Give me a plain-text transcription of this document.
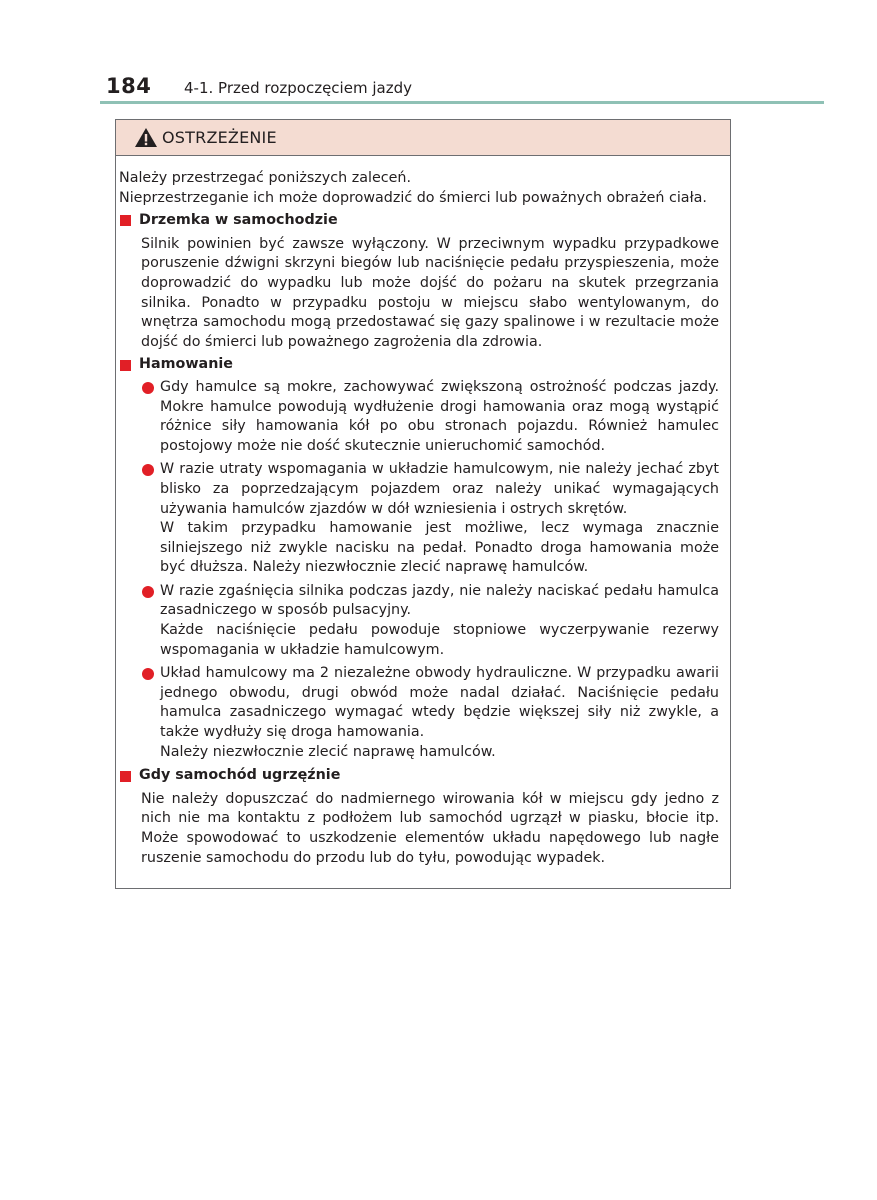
184 4-1. Przed rozpoczęciem jazdy
OSTRZEŻENIE
Należy przestrzegać poniższych zaleceń.
Nieprzestrzeganie ich może doprowadzić do śmierci lub poważnych obrażeń ciała.
Drzemka w samochodzie
Silnik powinien być zawsze wyłączony. W przeciwnym wypadku przypadkowe poruszenie dźwigni skrzyni biegów lub naciśnięcie pedału przyspieszenia, może doprowadzić do wypadku lub może dojść do pożaru na skutek przegrzania silnika. Ponadto w przypadku postoju w miejscu słabo wentylowanym, do wnętrza samochodu mogą przedostawać się gazy spalinowe i w rezultacie może dojść do śmierci lub poważnego zagrożenia dla zdrowia.
Hamowanie
Gdy hamulce są mokre, zachowywać zwiększoną ostrożność podczas jazdy. Mokre hamulce powodują wydłużenie drogi hamowania oraz mogą wystąpić różnice siły hamowania kół po obu stronach pojazdu. Również hamulec postojowy może nie dość skutecznie unieruchomić samochód.
W razie utraty wspomagania w układzie hamulcowym, nie należy jechać zbyt blisko za poprzedzającym pojazdem oraz należy unikać wymagających używania hamulców zjazdów w dół wzniesienia i ostrych skrętów.
W takim przypadku hamowanie jest możliwe, lecz wymaga znacznie silniejszego niż zwykle nacisku na pedał. Ponadto droga hamowania może być dłuższa. Należy niezwłocznie zlecić naprawę hamulców.
W razie zgaśnięcia silnika podczas jazdy, nie należy naciskać pedału hamulca zasadniczego w sposób pulsacyjny.
Każde naciśnięcie pedału powoduje stopniowe wyczerpywanie rezerwy wspomagania w układzie hamulcowym.
Układ hamulcowy ma 2 niezależne obwody hydrauliczne. W przypadku awarii jednego obwodu, drugi obwód może nadal działać. Naciśnięcie pedału hamulca zasadniczego wymagać wtedy będzie większej siły niż zwykle, a także wydłuży się droga hamowania.
Należy niezwłocznie zlecić naprawę hamulców.
Gdy samochód ugrzęźnie
Nie należy dopuszczać do nadmiernego wirowania kół w miejscu gdy jedno z nich nie ma kontaktu z podłożem lub samochód ugrzązł w piasku, błocie itp. Może spowodować to uszkodzenie elementów układu napędowego lub nagłe ruszenie samochodu do przodu lub do tyłu, powodując wypadek.
